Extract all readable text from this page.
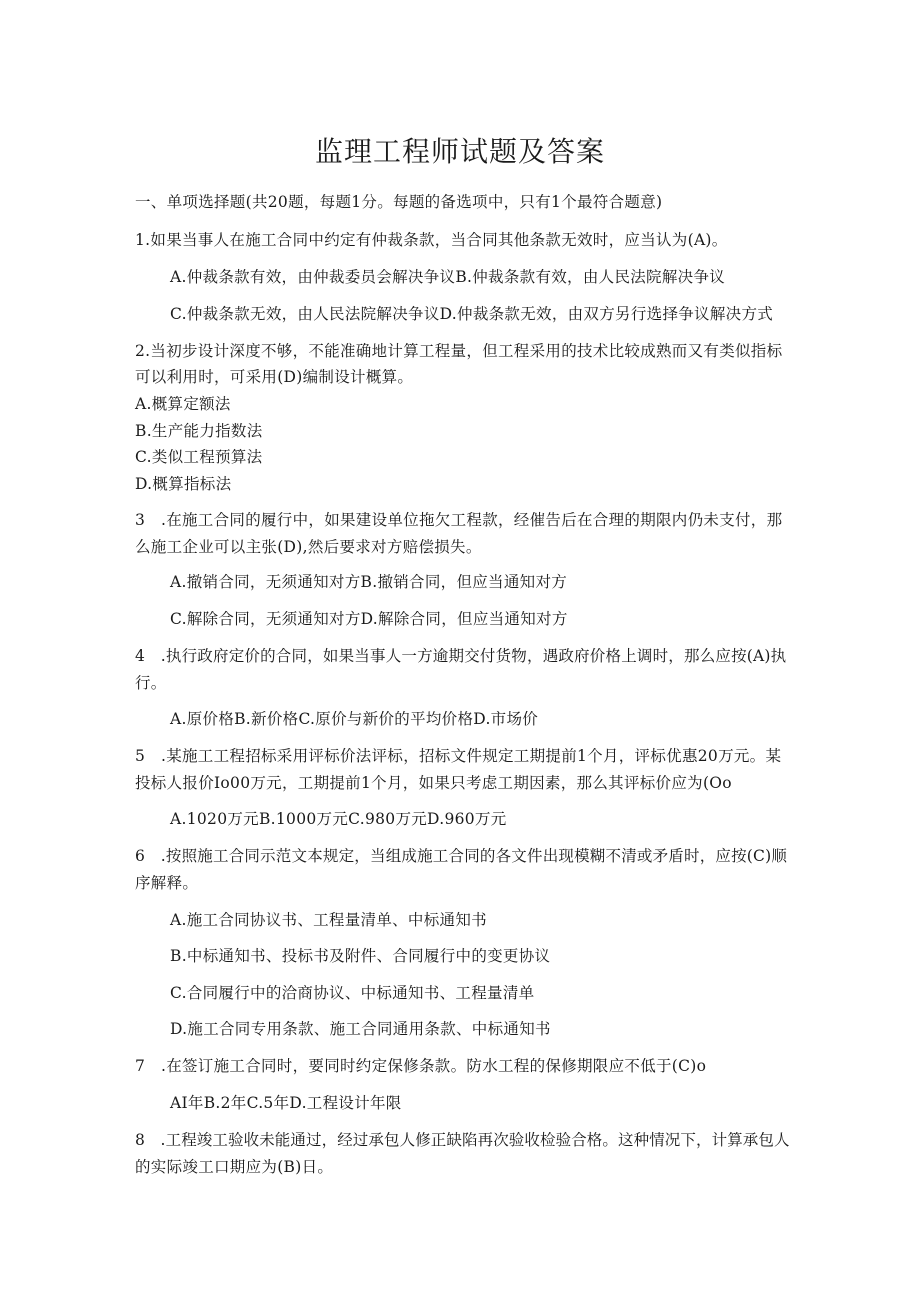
监理工程师试题及答案
一、单项选择题(共20题，每题1分。每题的备选项中，只有1个最符合题意)
1.如果当事人在施工合同中约定有仲裁条款，当合同其他条款无效时，应当认为(A)。
A.仲裁条款有效，由仲裁委员会解决争议B.仲裁条款有效，由人民法院解决争议
C.仲裁条款无效，由人民法院解决争议D.仲裁条款无效，由双方另行选择争议解决方式
2.当初步设计深度不够，不能准确地计算工程量，但工程采用的技术比较成熟而又有类似指标
可以利用时，可采用(D)编制设计概算。
A.概算定额法
B.生产能力指数法
C.类似工程预算法
D.概算指标法
3　.在施工合同的履行中，如果建设单位拖欠工程款，经催告后在合理的期限内仍未支付，那
么施工企业可以主张(D),然后要求对方赔偿损失。
A.撤销合同，无须通知对方B.撤销合同，但应当通知对方
C.解除合同，无须通知对方D.解除合同，但应当通知对方
4　.执行政府定价的合同，如果当事人一方逾期交付货物，遇政府价格上调时，那么应按(A)执
行。
A.原价格B.新价格C.原价与新价的平均价格D.市场价
5　.某施工工程招标采用评标价法评标，招标文件规定工期提前1个月，评标优惠20万元。某
投标人报价Io00万元，工期提前1个月，如果只考虑工期因素，那么其评标价应为(Oo
A.1020万元B.1000万元C.980万元D.960万元
6　.按照施工合同示范文本规定，当组成施工合同的各文件出现模糊不清或矛盾时，应按(C)顺
序解释。
A.施工合同协议书、工程量清单、中标通知书
B.中标通知书、投标书及附件、合同履行中的变更协议
C.合同履行中的洽商协议、中标通知书、工程量清单
D.施工合同专用条款、施工合同通用条款、中标通知书
7　.在签订施工合同时，要同时约定保修条款。防水工程的保修期限应不低于(C)o
AI年B.2年C.5年D.工程设计年限
8　.工程竣工验收未能通过，经过承包人修正缺陷再次验收检验合格。这种情况下，计算承包人
的实际竣工口期应为(B)日。
